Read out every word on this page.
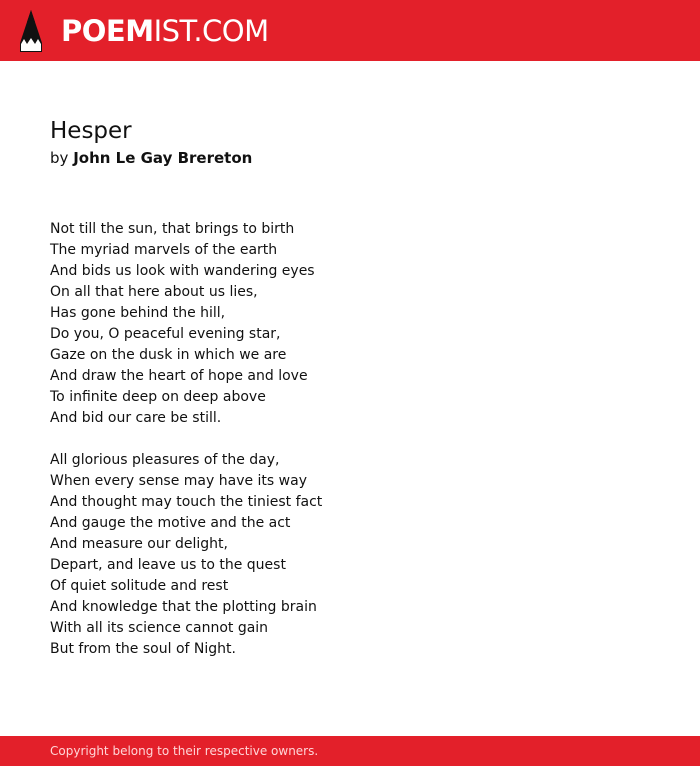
POEMIST.COM
Hesper
by John Le Gay Brereton

Not till the sun, that brings to birth
The myriad marvels of the earth
And bids us look with wandering eyes
On all that here about us lies,
Has gone behind the hill,
Do you, O peaceful evening star,
Gaze on the dusk in which we are
And draw the heart of hope and love
To infinite deep on deep above
And bid our care be still.

All glorious pleasures of the day,
When every sense may have its way
And thought may touch the tiniest fact
And gauge the motive and the act
And measure our delight,
Depart, and leave us to the quest
Of quiet solitude and rest
And knowledge that the plotting brain
With all its science cannot gain
But from the soul of Night.

Copyright belong to their respective owners.
